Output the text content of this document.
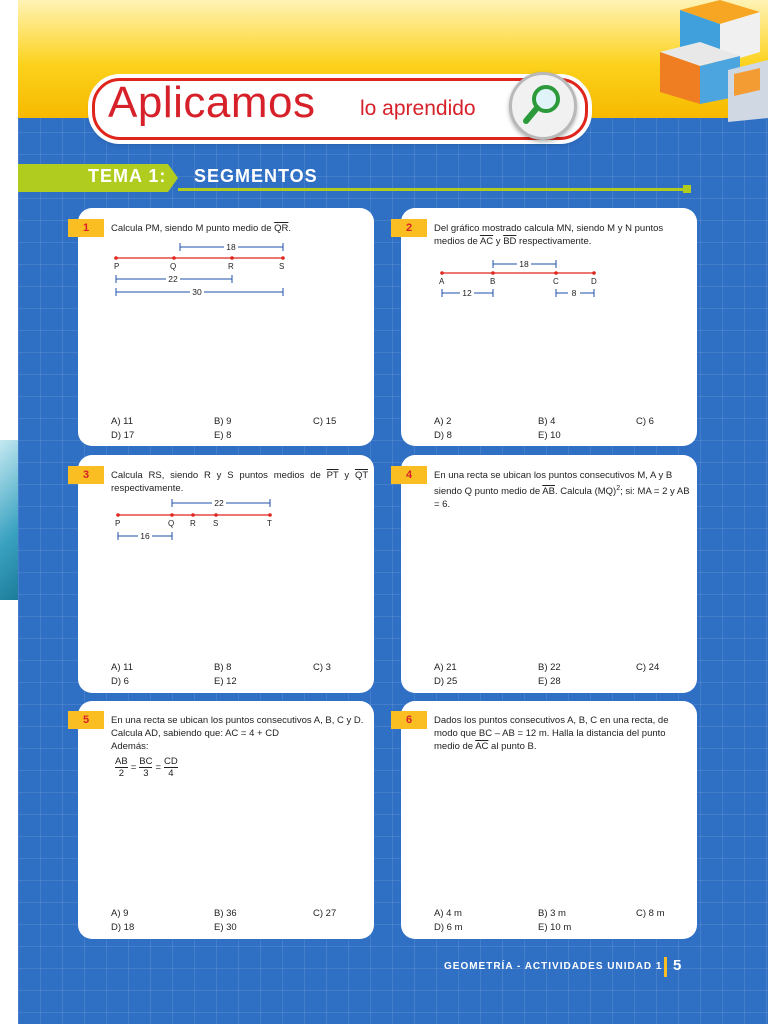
Aplicamos lo aprendido
TEMA 1: SEGMENTOS
1	Calcula PM, siendo M punto medio de $\overline{QR}$.
18
P	Q	R	S
22
30
A) 11	B) 9	C) 15
D) 17	E) 8
2	Del gráfico mostrado calcula MN, siendo M y N puntos medios de $\overline{AC}$ y $\overline{BD}$ respectivamente.
18
A	B	C	D
12	8
A) 2	B) 4	C) 6
D) 8	E) 10
3	Calcula RS, siendo R y S puntos medios de $\overline{PT}$ y $\overline{QT}$ respectivamente.
22
P	Q R S	T
16
A) 11	B) 8	C) 3
D) 6	E) 12
4	En una recta se ubican los puntos consecutivos M, A y B siendo Q punto medio de $\overline{AB}$. Calcula (MQ)$^2$; si: MA = 2 y AB = 6.
A) 21	B) 22	C) 24
D) 25	E) 28
5	En una recta se ubican los puntos consecutivos A, B, C y D. Calcula AD, sabiendo que: AC = 4 + CD
Además:
$\frac{AB}{2} = \frac{BC}{3} = \frac{CD}{4}$
A) 9	B) 36	C) 27
D) 18	E) 30
6	Dados los puntos consecutivos A, B, C en una recta, de modo que BC – AB = 12 m. Halla la distancia del punto medio de $\overline{AC}$ al punto B.
A) 4 m	B) 3 m	C) 8 m
D) 6 m	E) 10 m
GEOMETRÍA - ACTIVIDADES UNIDAD 1 5
